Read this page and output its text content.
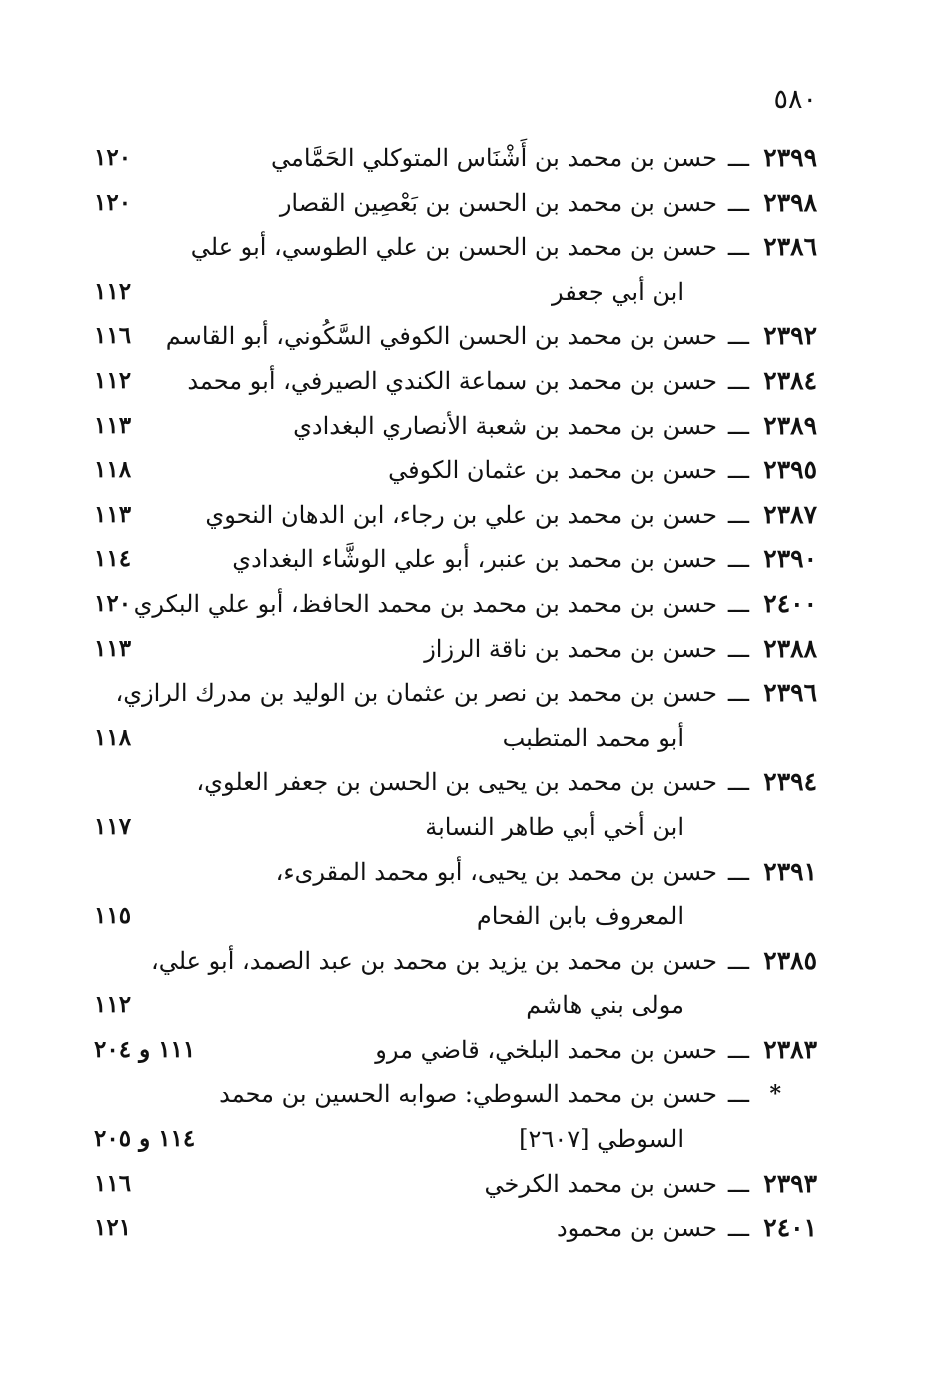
٥٨٠
٢٣٩٩
ـــ
حسن بن محمد بن أَشْنَاس المتوكلي الحَمَّامي
١٢٠
٢٣٩٨
ـــ
حسن بن محمد بن الحسن بن بَعْصِين القصار
١٢٠
٢٣٨٦
ـــ
حسن بن محمد بن الحسن بن علي الطوسي، أبو علي
ابن أبي جعفر
١١٢
٢٣٩٢
ـــ
حسن بن محمد بن الحسن الكوفي السَّكُوني، أبو القاسم
١١٦
٢٣٨٤
ـــ
حسن بن محمد بن سماعة الكندي الصيرفي، أبو محمد
١١٢
٢٣٨٩
ـــ
حسن بن محمد بن شعبة الأنصاري البغدادي
١١٣
٢٣٩٥
ـــ
حسن بن محمد بن عثمان الكوفي
١١٨
٢٣٨٧
ـــ
حسن بن محمد بن علي بن رجاء، ابن الدهان النحوي
١١٣
٢٣٩٠
ـــ
حسن بن محمد بن عنبر، أبو علي الوشَّاء البغدادي
١١٤
٢٤٠٠
ـــ
حسن بن محمد بن محمد بن محمد الحافظ، أبو علي البكري
١٢٠
٢٣٨٨
ـــ
حسن بن محمد بن ناقة الرزاز
١١٣
٢٣٩٦
ـــ
حسن بن محمد بن نصر بن عثمان بن الوليد بن مدرك الرازي،
أبو محمد المتطبب
١١٨
٢٣٩٤
ـــ
حسن بن محمد بن يحيى بن الحسن بن جعفر العلوي،
ابن أخي أبي طاهر النسابة
١١٧
٢٣٩١
ـــ
حسن بن محمد بن يحيى، أبو محمد المقرىء،
المعروف بابن الفحام
١١٥
٢٣٨٥
ـــ
حسن بن محمد بن يزيد بن محمد بن عبد الصمد، أبو علي،
مولى بني هاشم
١١٢
٢٣٨٣
ـــ
حسن بن محمد البلخي، قاضي مرو
١١١ و ٢٠٤
*
ـــ
حسن بن محمد السوطي: صوابه الحسين بن محمد
السوطي [٢٦٠٧]
١١٤ و ٢٠٥
٢٣٩٣
ـــ
حسن بن محمد الكرخي
١١٦
٢٤٠١
ـــ
حسن بن محمود
١٢١
